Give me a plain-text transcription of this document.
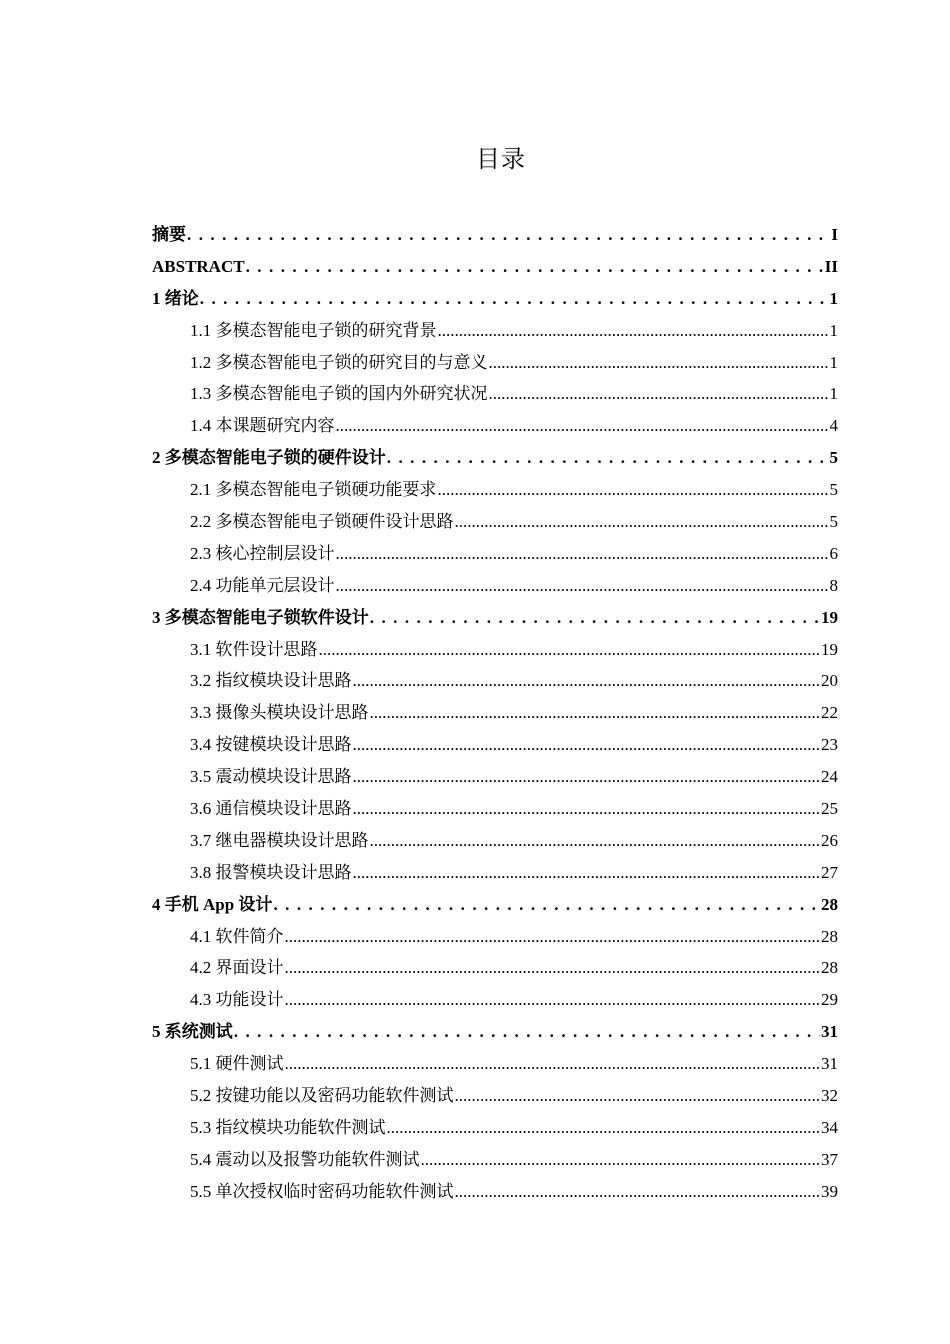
目录
摘要 . . .	I
ABSTRACT . . .	II
1 绪论 . . .	1
1.1 多模态智能电子锁的研究背景 .....	1
1.2 多模态智能电子锁的研究目的与意义 .....	1
1.3 多模态智能电子锁的国内外研究状况 .....	1
1.4 本课题研究内容 .....	4
2 多模态智能电子锁的硬件设计 . . .	5
2.1 多模态智能电子锁硬功能要求 .....	5
2.2 多模态智能电子锁硬件设计思路 .....	5
2.3 核心控制层设计 .....	6
2.4 功能单元层设计 .....	8
3 多模态智能电子锁软件设计 . . .	19
3.1 软件设计思路 .....	19
3.2 指纹模块设计思路 .....	20
3.3 摄像头模块设计思路 .....	22
3.4 按键模块设计思路 .....	23
3.5 震动模块设计思路 .....	24
3.6 通信模块设计思路 .....	25
3.7 继电器模块设计思路 .....	26
3.8 报警模块设计思路 .....	27
4 手机 App 设计 . . .	28
4.1 软件简介 .....	28
4.2 界面设计 .....	28
4.3 功能设计 .....	29
5 系统测试 . . .	31
5.1 硬件测试 .....	31
5.2 按键功能以及密码功能软件测试 .....	32
5.3 指纹模块功能软件测试 .....	34
5.4 震动以及报警功能软件测试 .....	37
5.5 单次授权临时密码功能软件测试 .....	39
